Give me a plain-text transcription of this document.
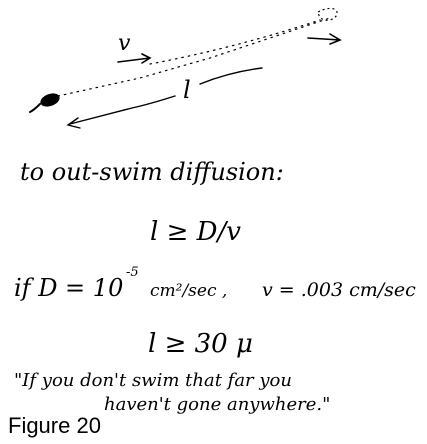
v
l
to out-swim diffusion:
l ≥ D/v
if D = 10
-5
cm²/sec , v = .003 cm/sec
l ≥ 30 μ
"If you don't swim that far you
haven't gone anywhere."
Figure 20
